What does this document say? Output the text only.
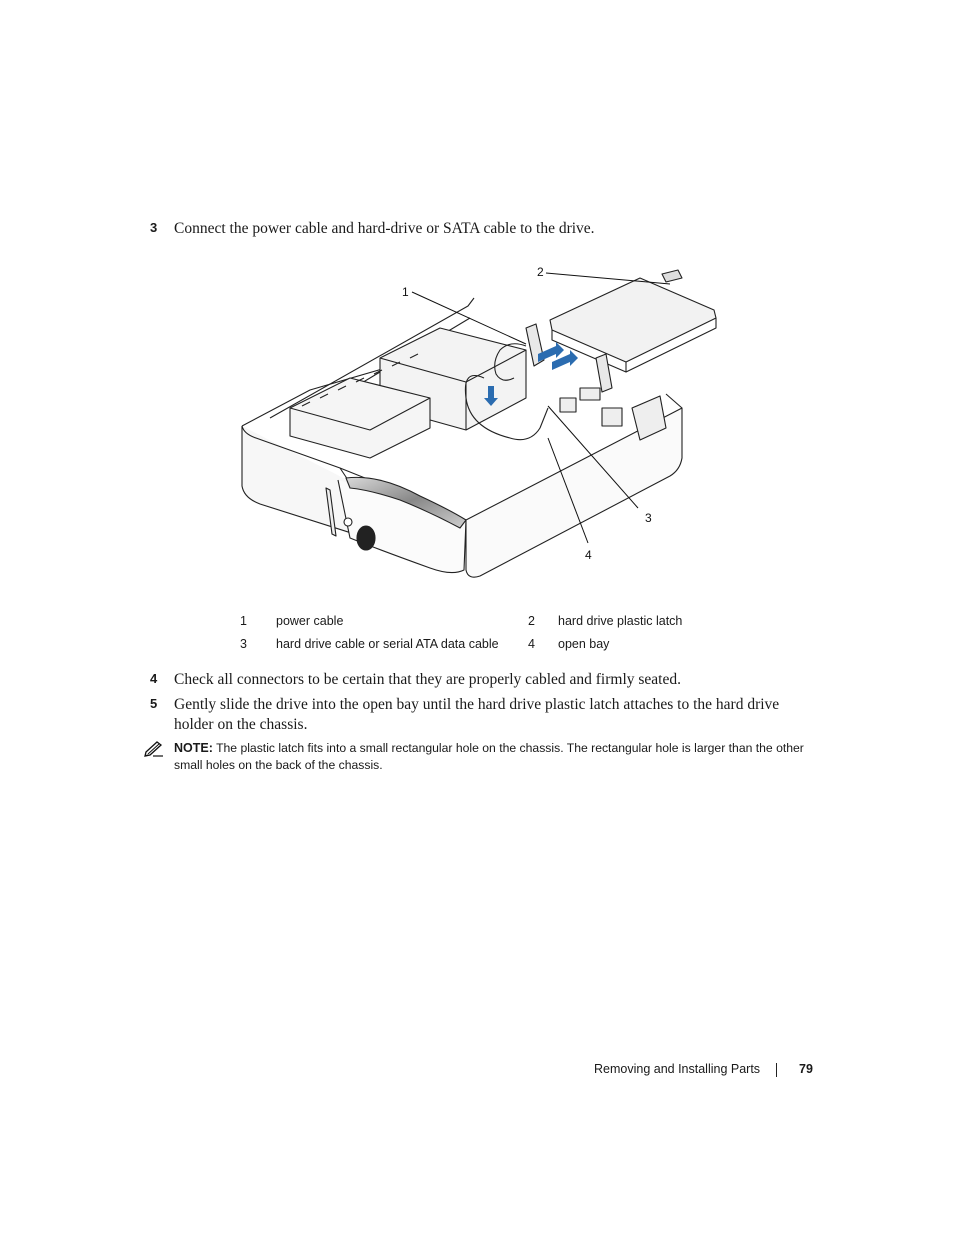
3 Connect the power cable and hard-drive or SATA cable to the drive.
1
2
3
4
1	power cable	2	hard drive plastic latch
3	hard drive cable or serial ATA data cable	4	open bay
4 Check all connectors to be certain that they are properly cabled and firmly seated.
5 Gently slide the drive into the open bay until the hard drive plastic latch attaches to the hard drive holder on the chassis.
NOTE: The plastic latch fits into a small rectangular hole on the chassis. The rectangular hole is larger than the other small holes on the back of the chassis.
Removing and Installing Parts	79
